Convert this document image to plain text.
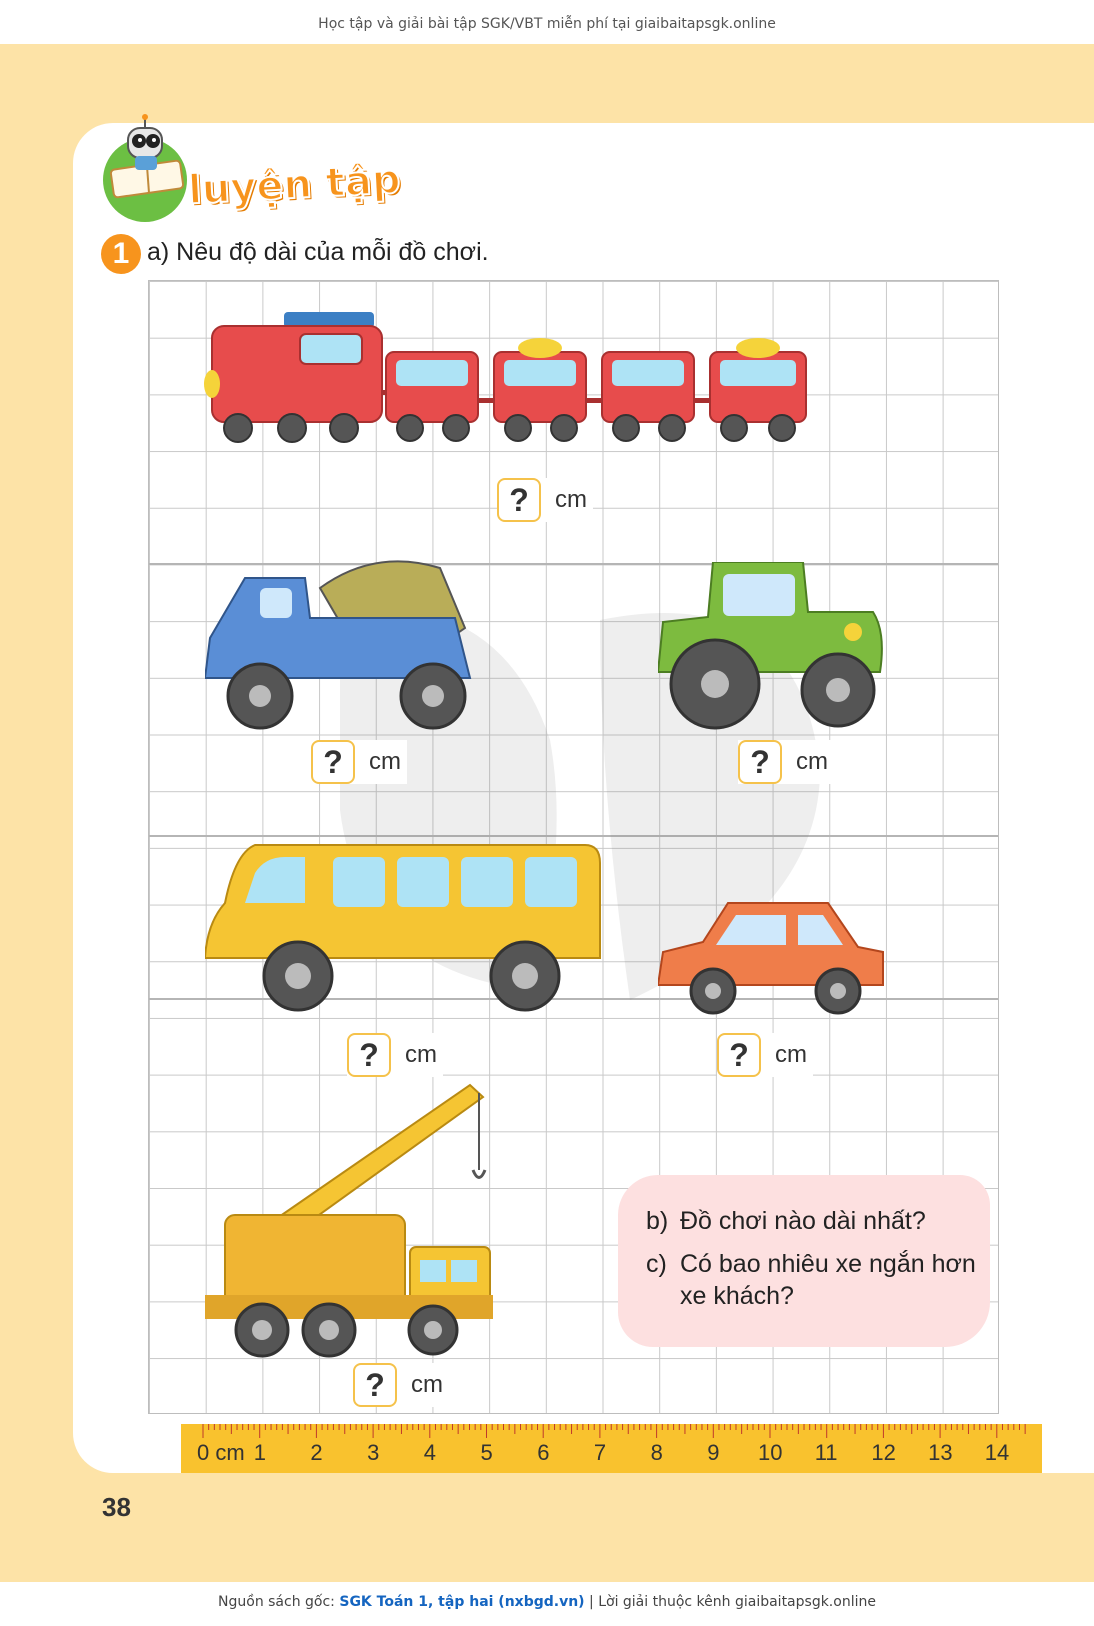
Học tập và giải bài tập SGK/VBT miễn phí tại giaibaitapsgk.online
luyện tập
1 a) Nêu độ dài của mỗi đồ chơi.
?	cm
?	cm	?	cm
?	cm	?	cm
?	cm
b) Đồ chơi nào dài nhất?
c) Có bao nhiêu xe ngắn hơn
xe khách?
0 cm 1 2 3 4 5 6 7 8 9 10 11 12 13 14
38
Nguồn sách gốc: SGK Toán 1, tập hai (nxbgd.vn) | Lời giải thuộc kênh giaibaitapsgk.online
